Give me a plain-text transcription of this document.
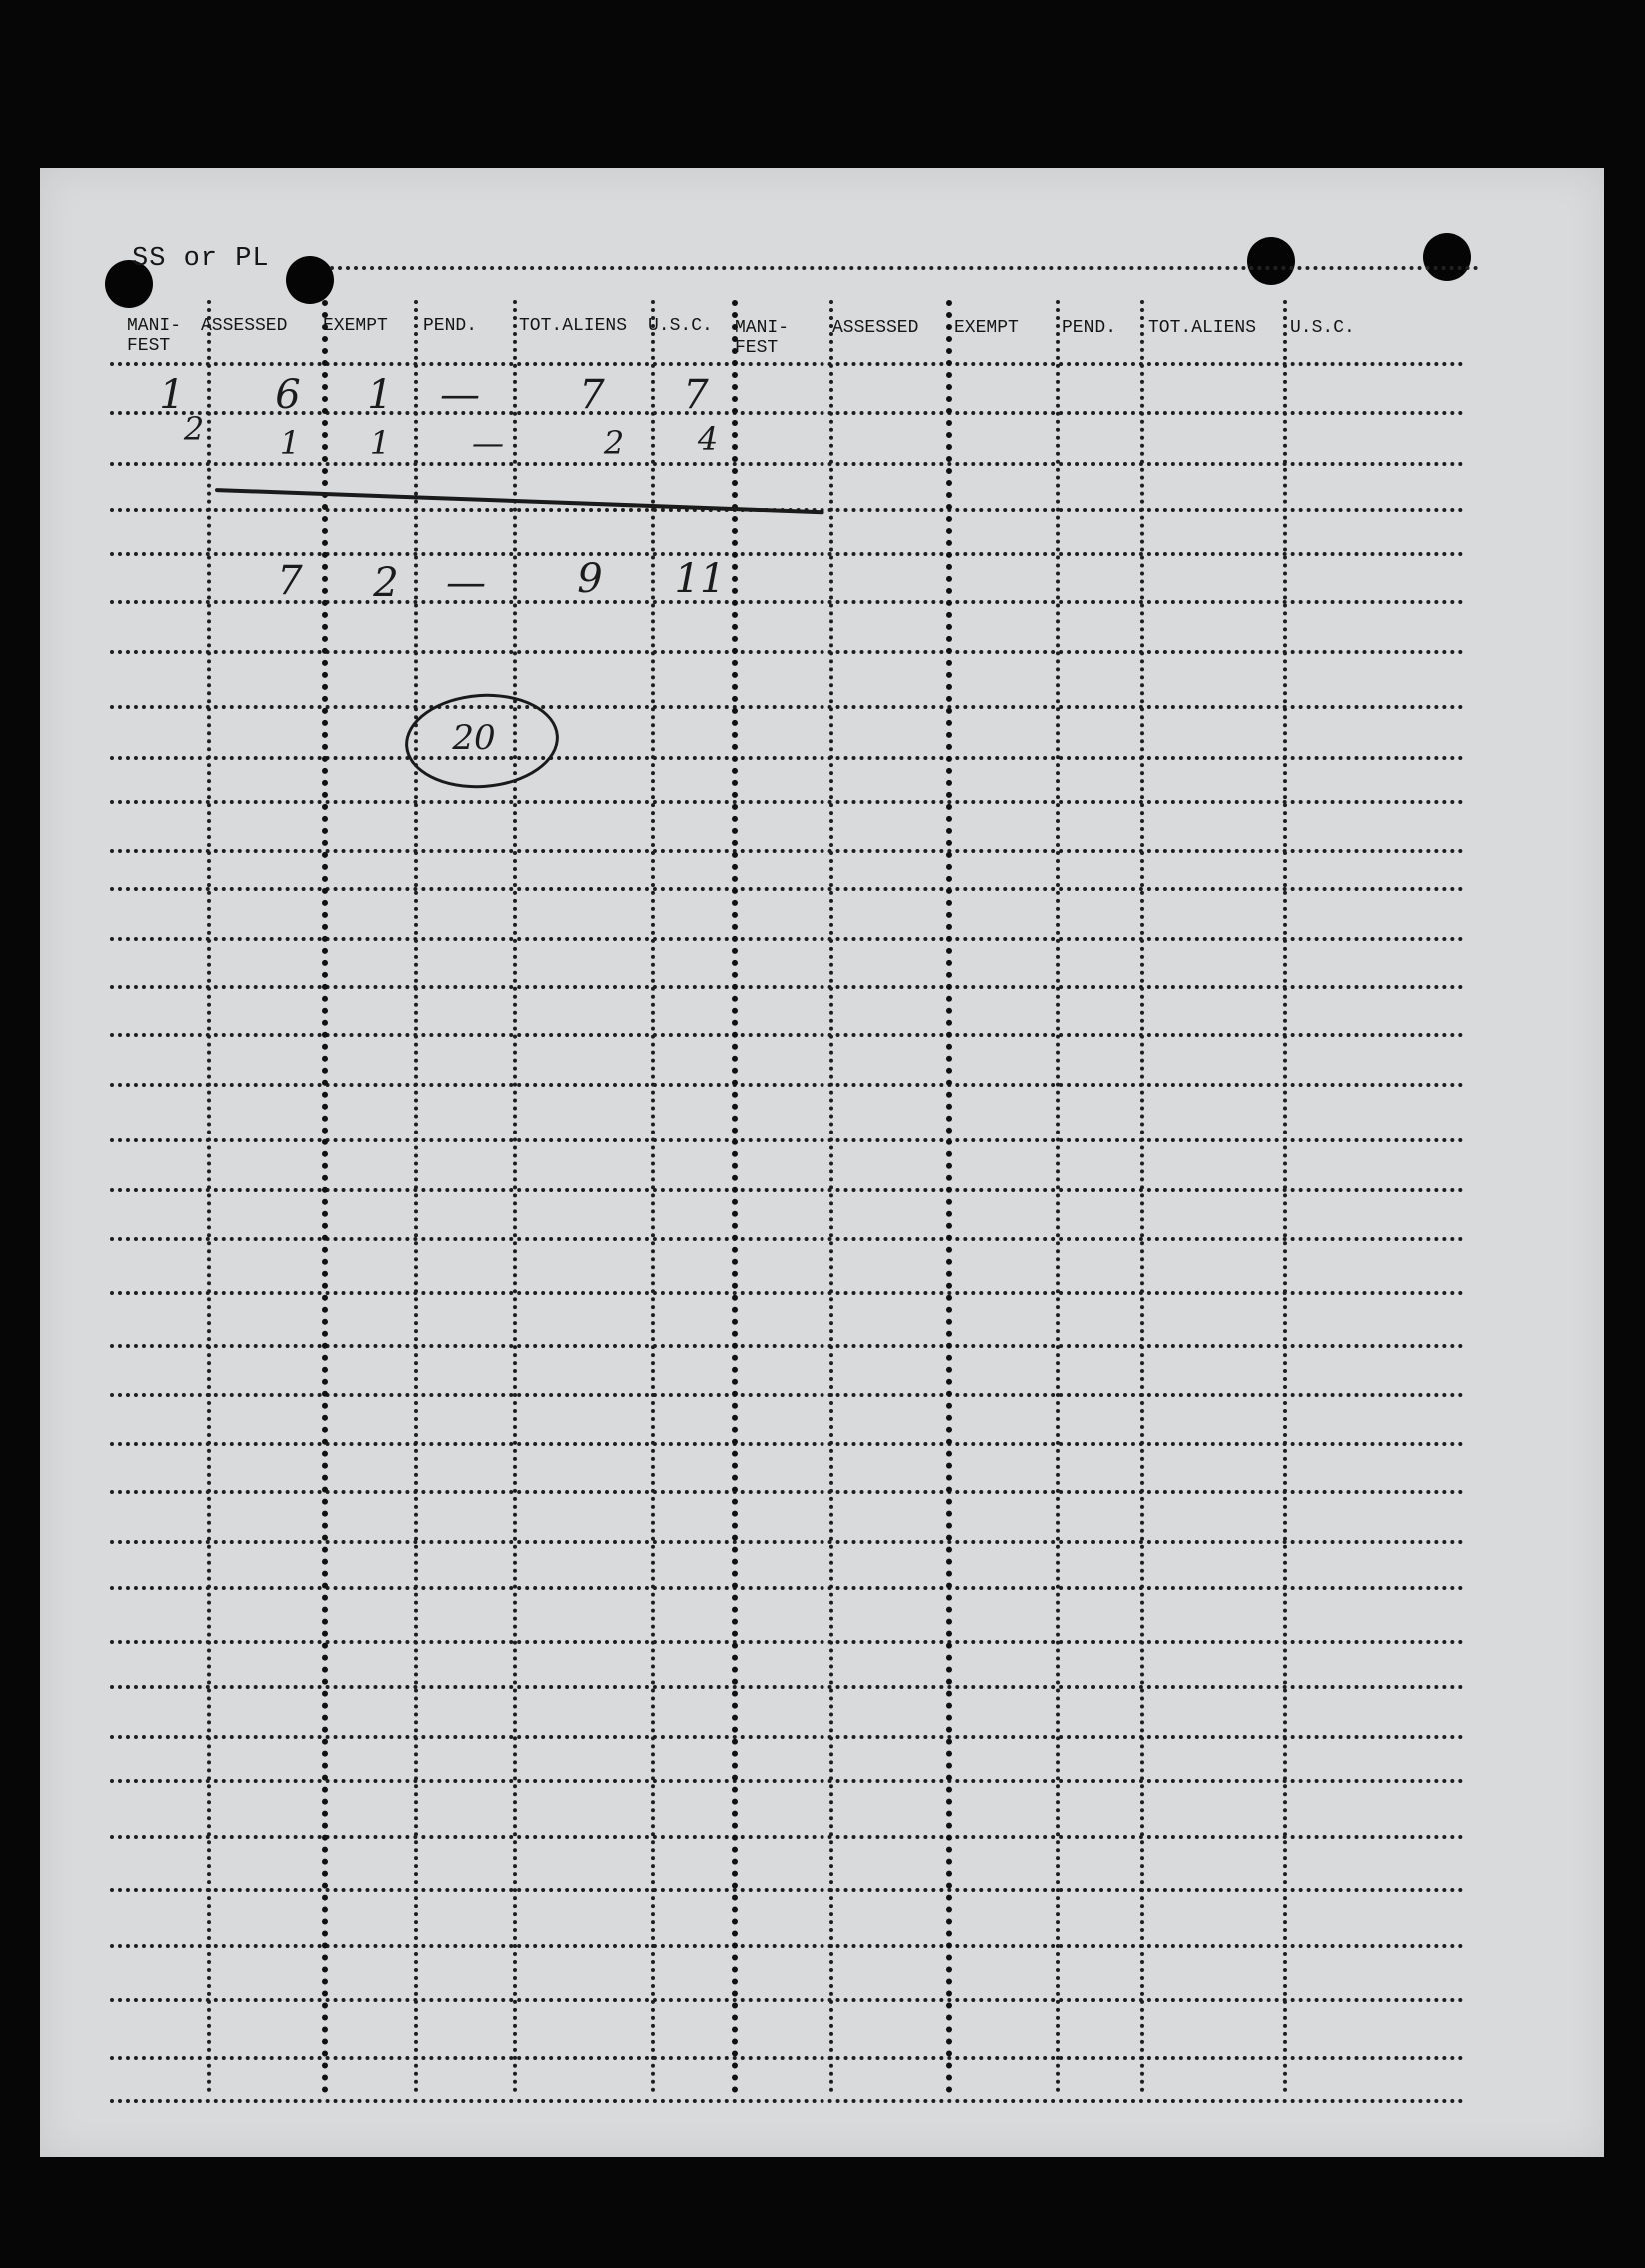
SS or PL
MANI-
FEST
ASSESSED EXEMPT PEND. TOT.ALIENS U.S.C. MANI-
FEST
ASSESSED EXEMPT PEND. TOT.ALIENS U.S.C.
1 6 1 — 7 7
2 1 1	—	2 4
7 2 — 9 11
20
